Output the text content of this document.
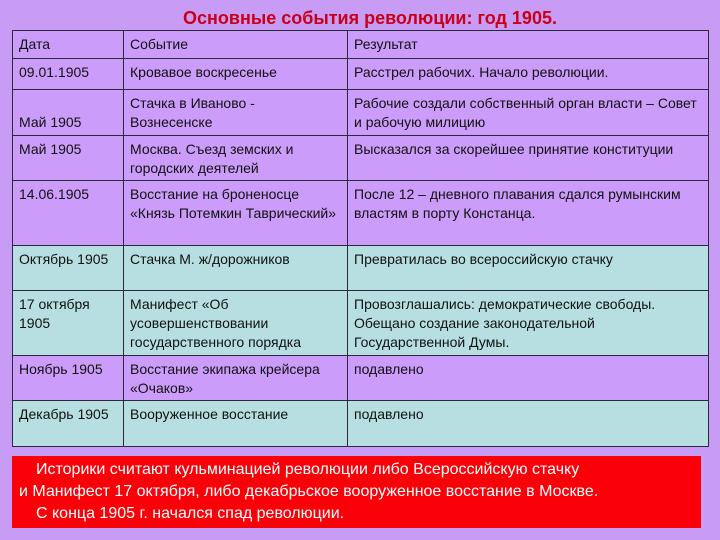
Основные события революции: год 1905.
Дата	Событие	Результат
09.01.1905	Кровавое воскресенье	Расстрел рабочих. Начало революции.
Май 1905	Стачка в Иваново - Вознесенске	Рабочие создали собственный орган власти – Совет и рабочую милицию
Май 1905	Москва. Съезд земских и городских деятелей	Высказался за скорейшее принятие конституции
14.06.1905	Восстание на броненосце «Князь Потемкин Таврический»	После 12 – дневного плавания сдался румынским властям в порту Констанца.
Октябрь 1905	Стачка М. ж/дорожников	Превратилась во всероссийскую стачку
17 октября 1905	Манифест «Об усовершенствовании государственного порядка	Провозглашались: демократические свободы. Обещано создание законодательной Государственной Думы.
Ноябрь 1905	Восстание экипажа крейсера «Очаков»	подавлено
Декабрь 1905	Вооруженное восстание	подавлено
Историки считают кульминацией революции либо Всероссийскую стачку
и Манифест 17 октября, либо декабрьское вооруженное восстание в Москве.
С конца 1905 г. начался спад революции.
